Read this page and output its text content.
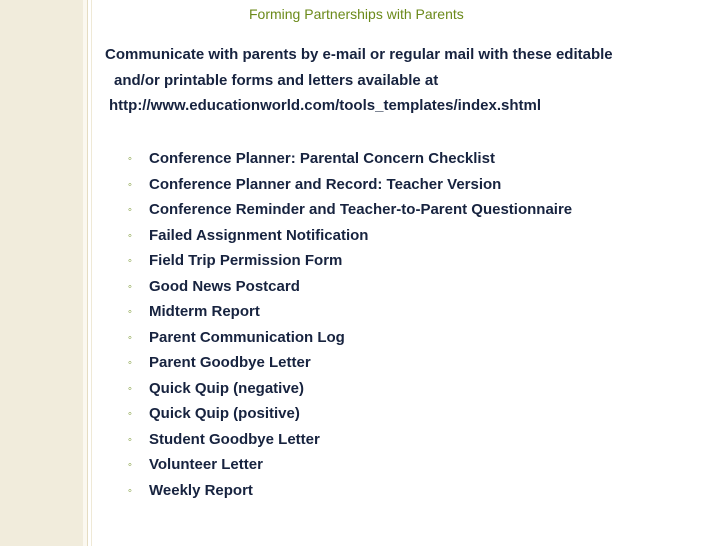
Forming Partnerships with Parents

Communicate with parents by e-mail or regular mail with these editable
and/or printable forms and letters available at
http://www.educationworld.com/tools_templates/index.shtml

◦ Conference Planner: Parental Concern Checklist
◦ Conference Planner and Record: Teacher Version
◦ Conference Reminder and Teacher-to-Parent Questionnaire
◦ Failed Assignment Notification
◦ Field Trip Permission Form
◦ Good News Postcard
◦ Midterm Report
◦ Parent Communication Log
◦ Parent Goodbye Letter
◦ Quick Quip (negative)
◦ Quick Quip (positive)
◦ Student Goodbye Letter
◦ Volunteer Letter
◦ Weekly Report
